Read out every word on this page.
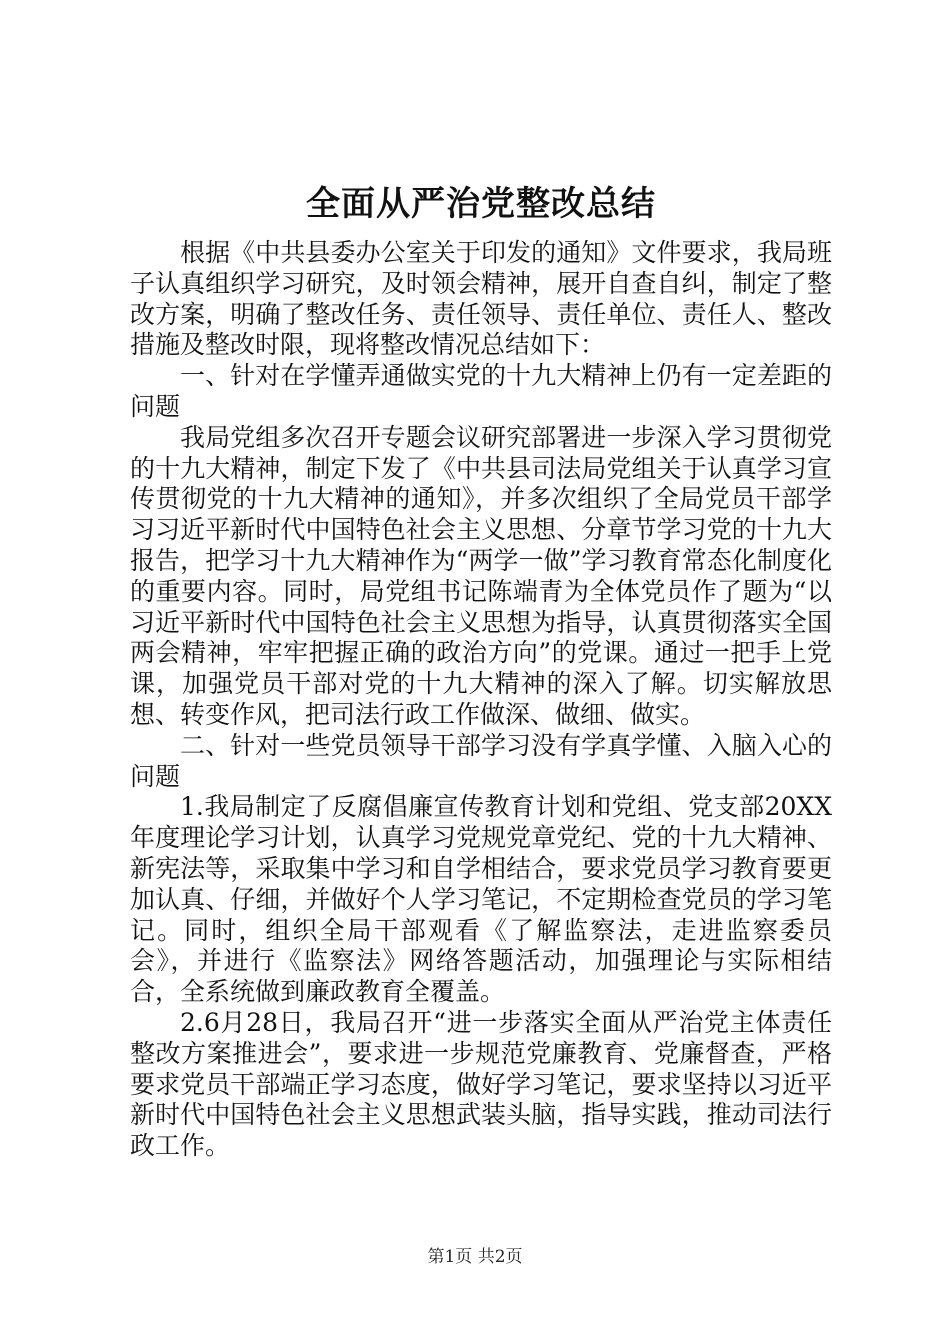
全面从严治党整改总结

根据《中共县委办公室关于印发的通知》文件要求，我局班子认真组织学习研究，及时领会精神，展开自查自纠，制定了整改方案，明确了整改任务、责任领导、责任单位、责任人、整改措施及整改时限，现将整改情况总结如下：

一、针对在学懂弄通做实党的十九大精神上仍有一定差距的问题

我局党组多次召开专题会议研究部署进一步深入学习贯彻党的十九大精神，制定下发了《中共县司法局党组关于认真学习宣传贯彻党的十九大精神的通知》，并多次组织了全局党员干部学习习近平新时代中国特色社会主义思想、分章节学习党的十九大报告，把学习十九大精神作为“两学一做”学习教育常态化制度化的重要内容。同时，局党组书记陈端青为全体党员作了题为“以习近平新时代中国特色社会主义思想为指导，认真贯彻落实全国两会精神，牢牢把握正确的政治方向”的党课。通过一把手上党课，加强党员干部对党的十九大精神的深入了解。切实解放思想、转变作风，把司法行政工作做深、做细、做实。

二、针对一些党员领导干部学习没有学真学懂、入脑入心的问题

1.我局制定了反腐倡廉宣传教育计划和党组、党支部20XX年度理论学习计划，认真学习党规党章党纪、党的十九大精神、新宪法等，采取集中学习和自学相结合，要求党员学习教育要更加认真、仔细，并做好个人学习笔记，不定期检查党员的学习笔记。同时，组织全局干部观看《了解监察法，走进监察委员会》，并进行《监察法》网络答题活动，加强理论与实际相结合，全系统做到廉政教育全覆盖。

2.6月28日，我局召开“进一步落实全面从严治党主体责任整改方案推进会”，要求进一步规范党廉教育、党廉督查，严格要求党员干部端正学习态度，做好学习笔记，要求坚持以习近平新时代中国特色社会主义思想武装头脑，指导实践，推动司法行政工作。

第1页 共2页
